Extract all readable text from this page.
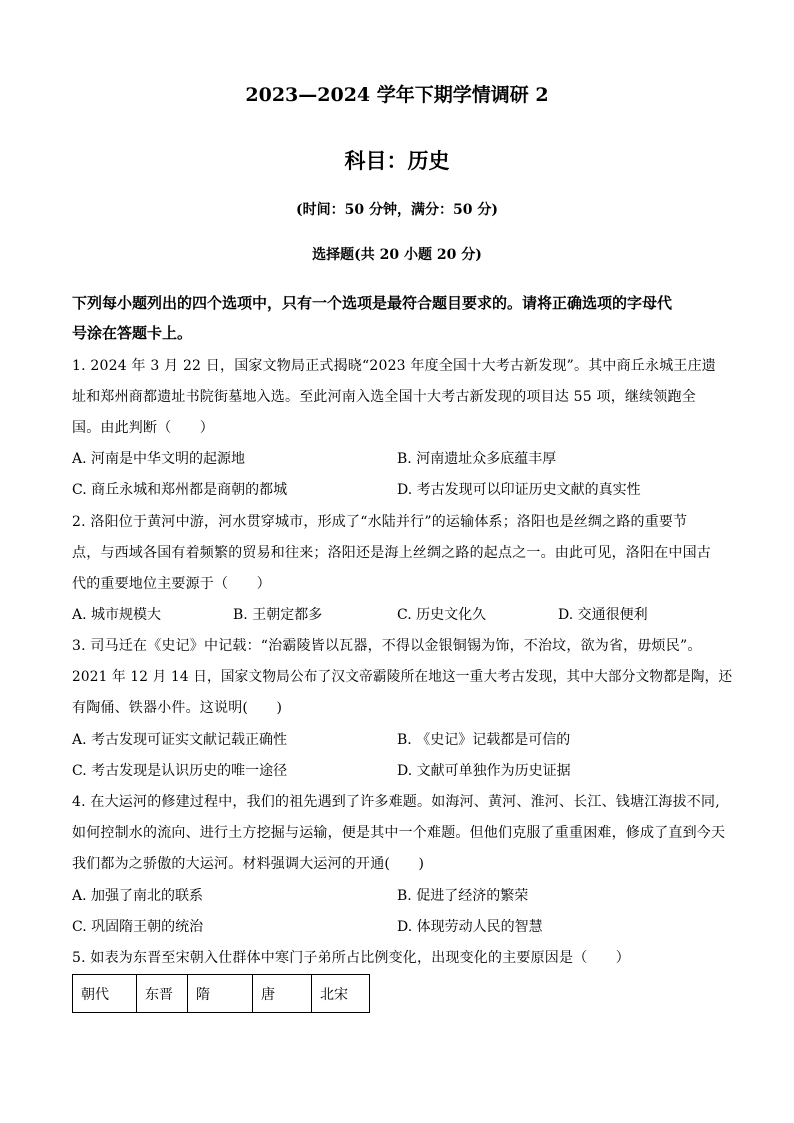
2023—2024 学年下期学情调研 2
科目：历史
(时间：50 分钟，满分：50 分)
选择题(共 20 小题 20 分)
下列每小题列出的四个选项中，只有一个选项是最符合题目要求的。请将正确选项的字母代
号涂在答题卡上。
1. 2024 年 3 月 22 日，国家文物局正式揭晓“2023 年度全国十大考古新发现”。其中商丘永城王庄遗
址和郑州商都遗址书院街墓地入选。至此河南入选全国十大考古新发现的项目达 55 项，继续领跑全
国。由此判断（　　）
A. 河南是中华文明的起源地	B. 河南遗址众多底蕴丰厚
C. 商丘永城和郑州都是商朝的都城	D. 考古发现可以印证历史文献的真实性
2. 洛阳位于黄河中游，河水贯穿城市，形成了“水陆并行”的运输体系；洛阳也是丝绸之路的重要节
点，与西域各国有着频繁的贸易和往来；洛阳还是海上丝绸之路的起点之一。由此可见，洛阳在中国古
代的重要地位主要源于（　　）
A. 城市规模大	B. 王朝定都多	C. 历史文化久	D. 交通很便利
3. 司马迁在《史记》中记载：“治霸陵皆以瓦器，不得以金银铜锡为饰，不治坟，欲为省，毋烦民”。
2021 年 12 月 14 日，国家文物局公布了汉文帝霸陵所在地这一重大考古发现，其中大部分文物都是陶，还
有陶俑、铁器小件。这说明(　　)
A. 考古发现可证实文献记载正确性	B. 《史记》记载都是可信的
C. 考古发现是认识历史的唯一途径	D. 文献可单独作为历史证据
4. 在大运河的修建过程中，我们的祖先遇到了许多难题。如海河、黄河、淮河、长江、钱塘江海拔不同,
如何控制水的流向、进行土方挖掘与运输，便是其中一个难题。但他们克服了重重困难，修成了直到今天
我们都为之骄傲的大运河。材料强调大运河的开通(　　)
A. 加强了南北的联系	B. 促进了经济的繁荣
C. 巩固隋王朝的统治	D. 体现劳动人民的智慧
5. 如表为东晋至宋朝入仕群体中寒门子弟所占比例变化，出现变化的主要原因是（　　）
朝代	东晋	隋	唐	北宋
